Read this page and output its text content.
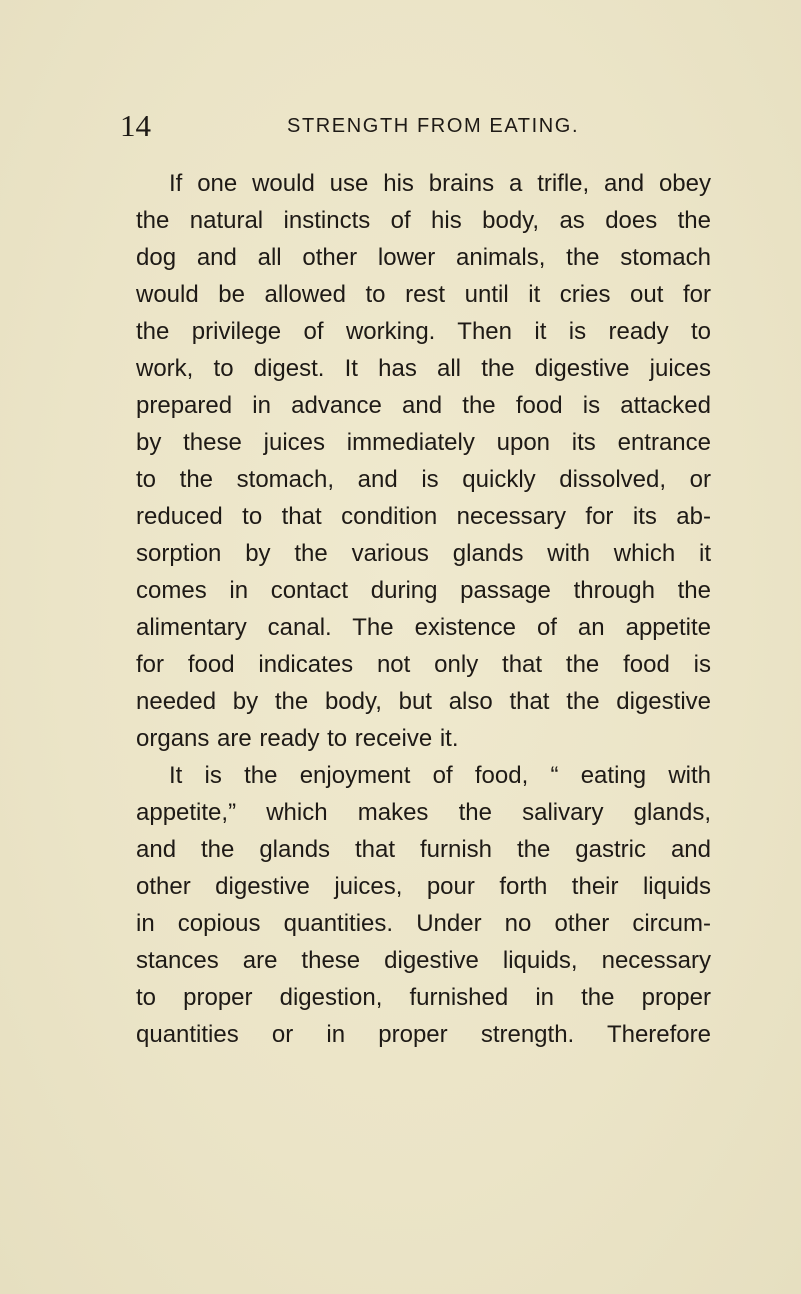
14	STRENGTH FROM EATING.
If one would use his brains a trifle, and obey
the natural instincts of his body, as does the
dog and all other lower animals, the stomach
would be allowed to rest until it cries out for
the privilege of working. Then it is ready to
work, to digest. It has all the digestive juices
prepared in advance and the food is attacked
by these juices immediately upon its entrance
to the stomach, and is quickly dissolved, or
reduced to that condition necessary for its ab-
sorption by the various glands with which it
comes in contact during passage through the
alimentary canal. The existence of an appetite
for food indicates not only that the food is
needed by the body, but also that the digestive
organs are ready to receive it.
It is the enjoyment of food, “ eating with
appetite,” which makes the salivary glands,
and the glands that furnish the gastric and
other digestive juices, pour forth their liquids
in copious quantities. Under no other circum-
stances are these digestive liquids, necessary
to proper digestion, furnished in the proper
quantities or in proper strength. Therefore
